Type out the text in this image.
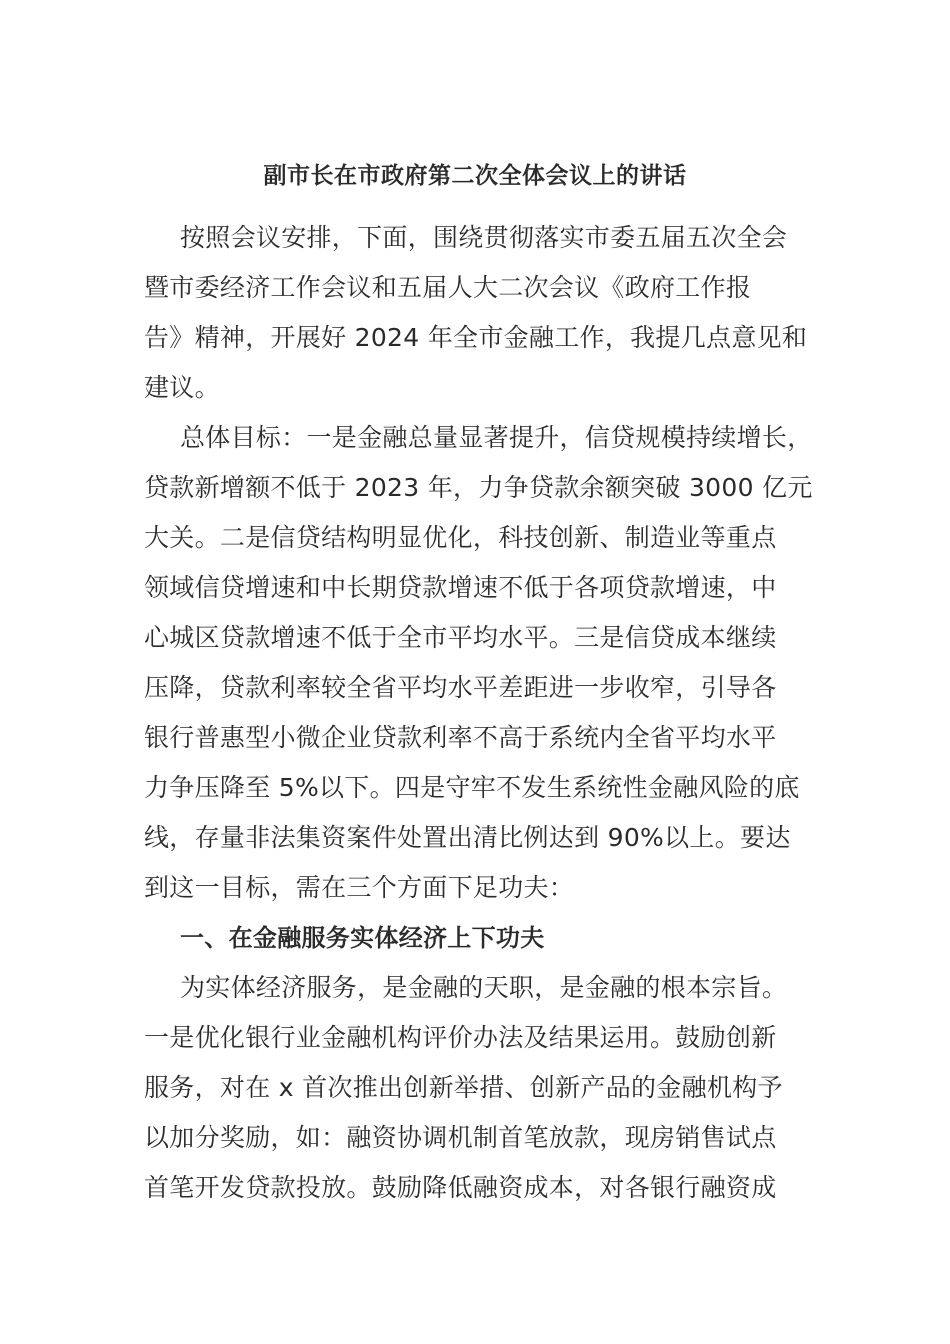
副市长在市政府第二次全体会议上的讲话
按照会议安排，下面，围绕贯彻落实市委五届五次全会
暨市委经济工作会议和五届人大二次会议《政府工作报
告》精神，开展好 2024 年全市金融工作，我提几点意见和
建议。
总体目标：一是金融总量显著提升，信贷规模持续增长，
贷款新增额不低于 2023 年，力争贷款余额突破 3000 亿元
大关。二是信贷结构明显优化，科技创新、制造业等重点
领域信贷增速和中长期贷款增速不低于各项贷款增速，中
心城区贷款增速不低于全市平均水平。三是信贷成本继续
压降，贷款利率较全省平均水平差距进一步收窄，引导各
银行普惠型小微企业贷款利率不高于系统内全省平均水平
力争压降至 5%以下。四是守牢不发生系统性金融风险的底
线，存量非法集资案件处置出清比例达到 90%以上。要达
到这一目标，需在三个方面下足功夫：
一、在金融服务实体经济上下功夫
为实体经济服务，是金融的天职，是金融的根本宗旨。
一是优化银行业金融机构评价办法及结果运用。鼓励创新
服务，对在 x 首次推出创新举措、创新产品的金融机构予
以加分奖励，如：融资协调机制首笔放款，现房销售试点
首笔开发贷款投放。鼓励降低融资成本，对各银行融资成
